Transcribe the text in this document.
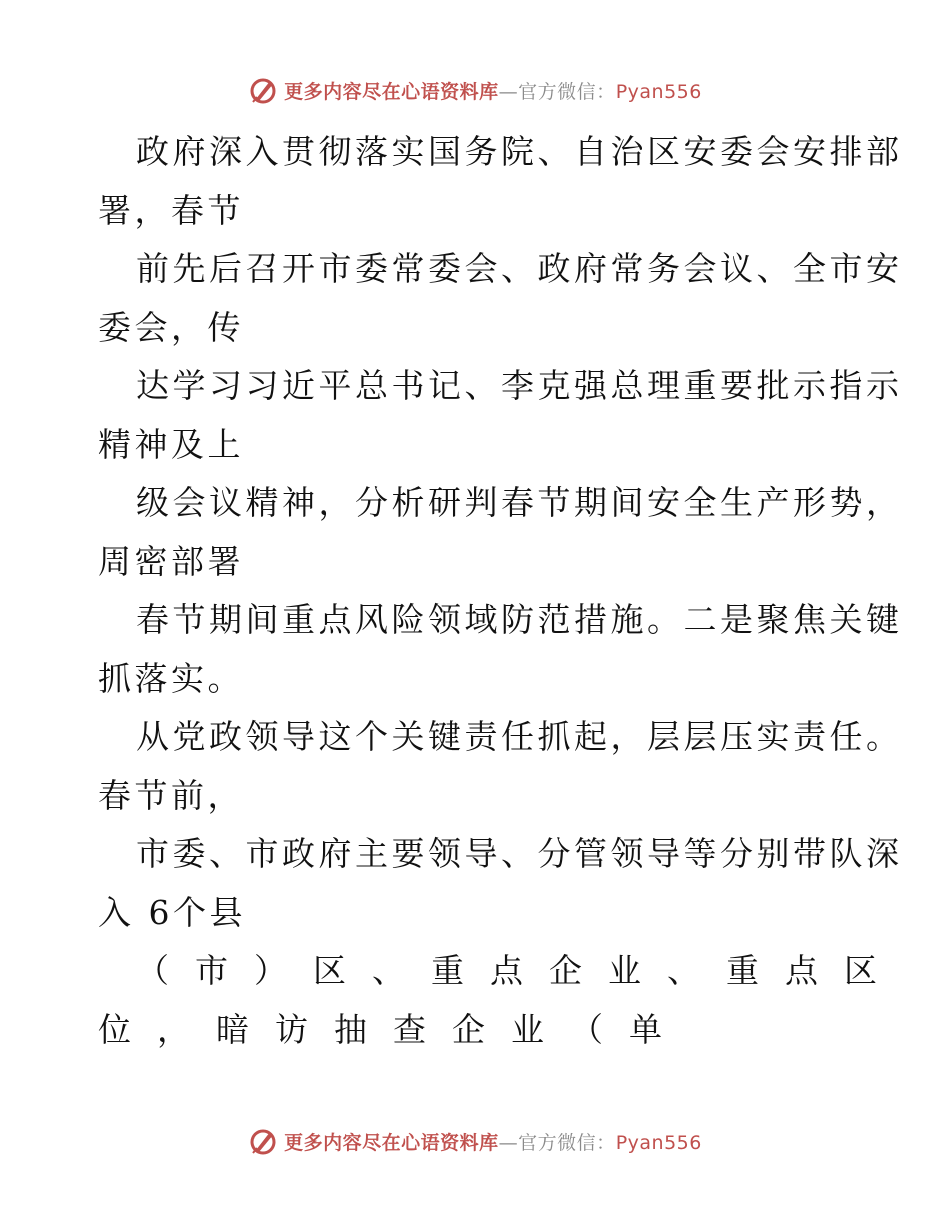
更多内容尽在心语资料库—官方微信：Pyan556

政府深入贯彻落实国务院、自治区安委会安排部
署，春节

前先后召开市委常委会、政府常务会议、全市安
委会，传

达学习习近平总书记、李克强总理重要批示指示
精神及上

级会议精神，分析研判春节期间安全生产形势，
周密部署

春节期间重点风险领域防范措施。二是聚焦关键
抓落实。

从党政领导这个关键责任抓起，层层压实责任。
春节前，

市委、市政府主要领导、分管领导等分别带队深
入 6个县

（市）区、重点企业、重点区
位，暗访抽查企业（单

更多内容尽在心语资料库—官方微信：Pyan556
